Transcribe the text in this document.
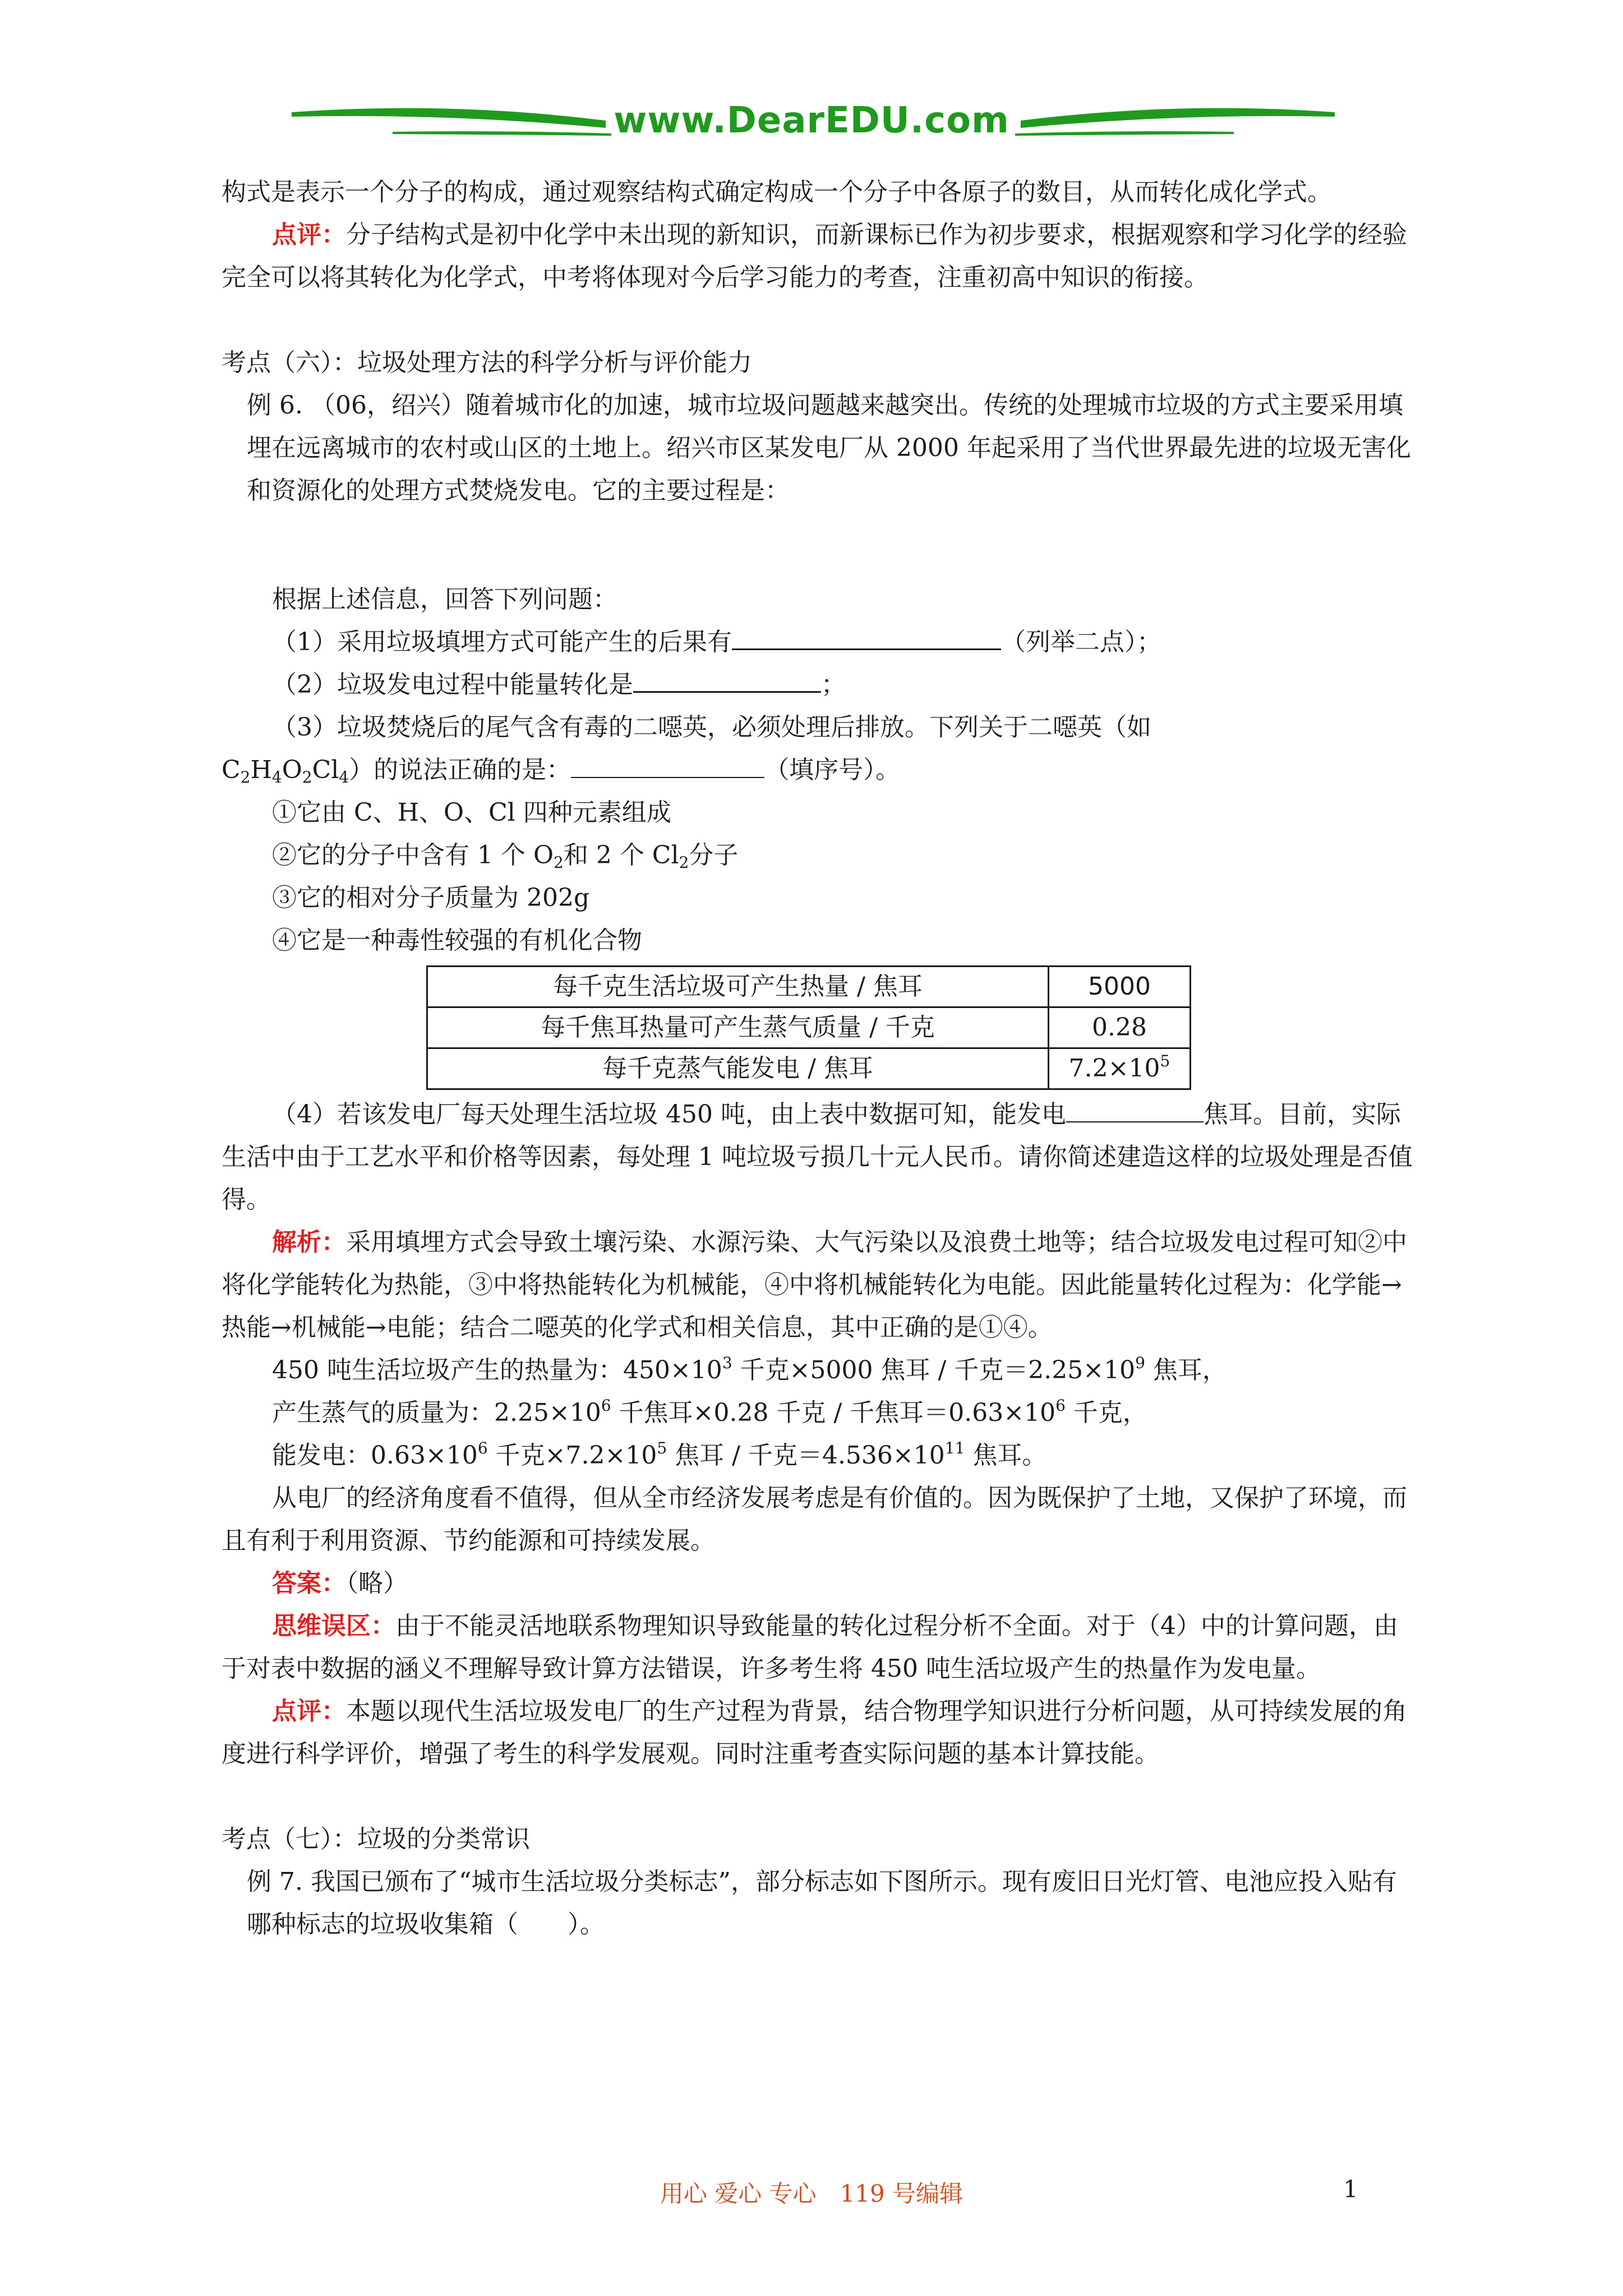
www.DearEDU.com

构式是表示一个分子的构成，通过观察结构式确定构成一个分子中各原子的数目，从而转化成化学式。

点评：分子结构式是初中化学中未出现的新知识，而新课标已作为初步要求，根据观察和学习化学的经验完全可以将其转化为化学式，中考将体现对今后学习能力的考查，注重初高中知识的衔接。

考点（六）：垃圾处理方法的科学分析与评价能力

例 6. （06，绍兴）随着城市化的加速，城市垃圾问题越来越突出。传统的处理城市垃圾的方式主要采用填埋在远离城市的农村或山区的土地上。绍兴市区某发电厂从 2000 年起采用了当代世界最先进的垃圾无害化和资源化的处理方式焚烧发电。它的主要过程是：

根据上述信息，回答下列问题：

（1）采用垃圾填埋方式可能产生的后果有	（列举二点）；

（2）垃圾发电过程中能量转化是	；

（3）垃圾焚烧后的尾气含有毒的二噁英，必须处理后排放。下列关于二噁英（如

$C_2H_4O_2Cl_4$）的说法正确的是：	（填序号）。

①它由 C、H、O、Cl 四种元素组成

②它的分子中含有 1 个 $O_2$和 2 个 $Cl_2$分子

③它的相对分子质量为 202g

④它是一种毒性较强的有机化合物

每千克生活垃圾可产生热量 / 焦耳	5000
每千焦耳热量可产生蒸气质量 / 千克	0.28
每千克蒸气能发电 / 焦耳	$7.2\times 10^5$

（4）若该发电厂每天处理生活垃圾 450 吨，由上表中数据可知，能发电	焦耳。目前，实际生活中由于工艺水平和价格等因素，每处理 1 吨垃圾亏损几十元人民币。请你简述建造这样的垃圾处理是否值得。

解析：采用填埋方式会导致土壤污染、水源污染、大气污染以及浪费土地等；结合垃圾发电过程可知②中将化学能转化为热能，③中将热能转化为机械能，④中将机械能转化为电能。因此能量转化过程为：化学能→热能→机械能→电能；结合二噁英的化学式和相关信息，其中正确的是①④。

450 吨生活垃圾产生的热量为：$450\times 10^3$ 千克×5000 焦耳 / 千克$=2.25\times 10^9$ 焦耳，

产生蒸气的质量为：$2.25\times 10^6$ 千焦耳×0.28 千克 / 千焦耳$=0.63\times 10^6$ 千克，

能发电：$0.63\times 10^6$ 千克$\times 7.2\times 10^5$ 焦耳 / 千克$=4.536\times 10^{11}$ 焦耳。

从电厂的经济角度看不值得，但从全市经济发展考虑是有价值的。因为既保护了土地，又保护了环境，而且有利于利用资源、节约能源和可持续发展。

答案：（略）

思维误区：由于不能灵活地联系物理知识导致能量的转化过程分析不全面。对于（4）中的计算问题，由于对表中数据的涵义不理解导致计算方法错误，许多考生将 450 吨生活垃圾产生的热量作为发电量。

点评：本题以现代生活垃圾发电厂的生产过程为背景，结合物理学知识进行分析问题，从可持续发展的角度进行科学评价，增强了考生的科学发展观。同时注重考查实际问题的基本计算技能。

考点（七）：垃圾的分类常识

例 7. 我国已颁布了“城市生活垃圾分类标志”，部分标志如下图所示。现有废旧日光灯管、电池应投入贴有哪种标志的垃圾收集箱（　　）。

用心 爱心 专心　119 号编辑	1
